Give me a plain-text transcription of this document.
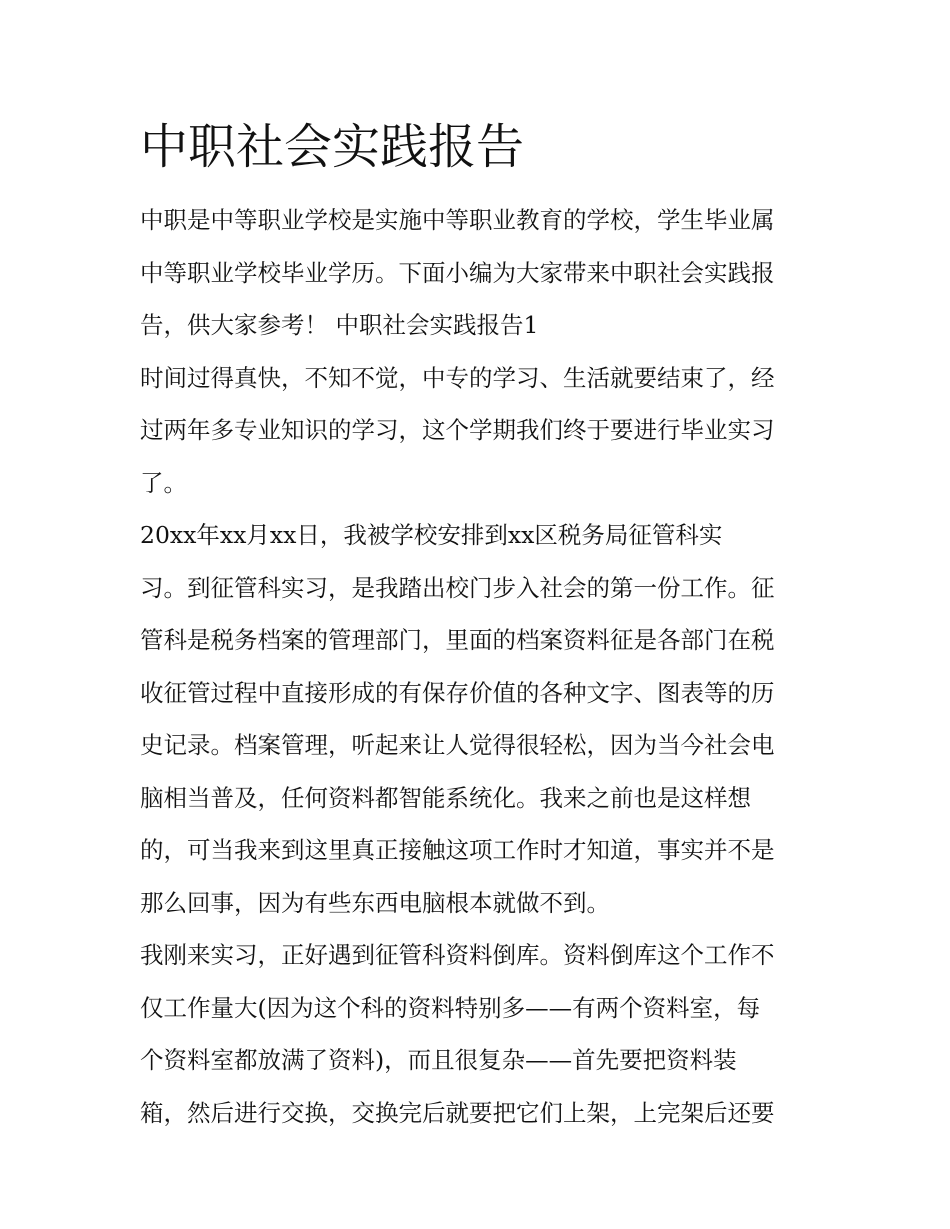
中职社会实践报告
中职是中等职业学校是实施中等职业教育的学校，学生毕业属
中等职业学校毕业学历。下面小编为大家带来中职社会实践报
告，供大家参考！ 中职社会实践报告1
时间过得真快，不知不觉，中专的学习、生活就要结束了，经
过两年多专业知识的学习，这个学期我们终于要进行毕业实习
了。
20xx年xx月xx日，我被学校安排到xx区税务局征管科实
习。到征管科实习，是我踏出校门步入社会的第一份工作。征
管科是税务档案的管理部门，里面的档案资料征是各部门在税
收征管过程中直接形成的有保存价值的各种文字、图表等的历
史记录。档案管理，听起来让人觉得很轻松，因为当今社会电
脑相当普及，任何资料都智能系统化。我来之前也是这样想
的，可当我来到这里真正接触这项工作时才知道，事实并不是
那么回事，因为有些东西电脑根本就做不到。
我刚来实习，正好遇到征管科资料倒库。资料倒库这个工作不
仅工作量大(因为这个科的资料特别多——有两个资料室，每
个资料室都放满了资料)，而且很复杂——首先要把资料装
箱，然后进行交换，交换完后就要把它们上架，上完架后还要
